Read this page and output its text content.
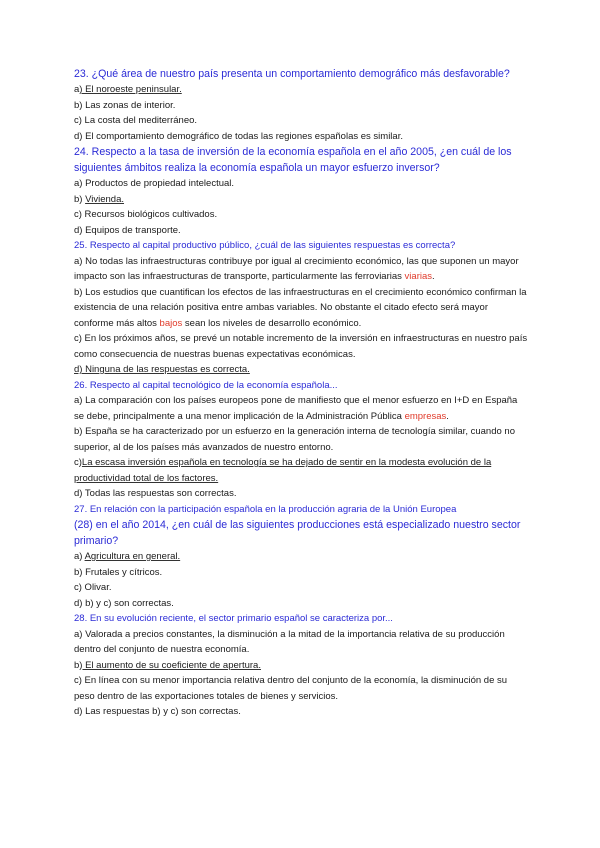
23. ¿Qué área de nuestro país presenta un comportamiento demográfico más desfavorable?

a) El noroeste peninsular.

b) Las zonas de interior.

c) La costa del mediterráneo.

d) El comportamiento demográfico de todas las regiones españolas es similar.

24. Respecto a la tasa de inversión de la economía española en el año 2005, ¿en cuál de los siguientes ámbitos realiza la economía española un mayor esfuerzo inversor?

a) Productos de propiedad intelectual.

b) Vivienda.

c) Recursos biológicos cultivados.

d) Equipos de transporte.

25. Respecto al capital productivo público, ¿cuál de las siguientes respuestas es correcta?

a) No todas las infraestructuras contribuye por igual al crecimiento económico, las que suponen un mayor impacto son las infraestructuras de transporte, particularmente las ferroviarias viarias.

b) Los estudios que cuantifican los efectos de las infraestructuras en el crecimiento económico confirman la existencia de una relación positiva entre ambas variables. No obstante el citado efecto será mayor conforme más altos bajos sean los niveles de desarrollo económico.

c) En los próximos años, se prevé un notable incremento de la inversión en infraestructuras en nuestro país como consecuencia de nuestras buenas expectativas económicas.

d) Ninguna de las respuestas es correcta.

26. Respecto al capital tecnológico de la economía española...

a) La comparación con los países europeos pone de manifiesto que el menor esfuerzo en I+D en España se debe, principalmente a una menor implicación de la Administración Pública empresas.

b) España se ha caracterizado por un esfuerzo en la generación interna de tecnología similar, cuando no superior, al de los países más avanzados de nuestro entorno.

c)La escasa inversión española en tecnología se ha dejado de sentir en la modesta evolución de la productividad total de los factores.

d) Todas las respuestas son correctas.

27. En relación con la participación española en la producción agraria de la Unión Europea

(28) en el año 2014, ¿en cuál de las siguientes producciones está especializado nuestro sector primario?

a) Agricultura en general.

b) Frutales y cítricos.

c) Olivar.

d) b) y c) son correctas.

28. En su evolución reciente, el sector primario español se caracteriza por...

a) Valorada a precios constantes, la disminución a la mitad de la importancia relativa de su producción dentro del conjunto de nuestra economía.

b) El aumento de su coeficiente de apertura.

c) En línea con su menor importancia relativa dentro del conjunto de la economía, la disminución de su peso dentro de las exportaciones totales de bienes y servicios.

d) Las respuestas b) y c) son correctas.
